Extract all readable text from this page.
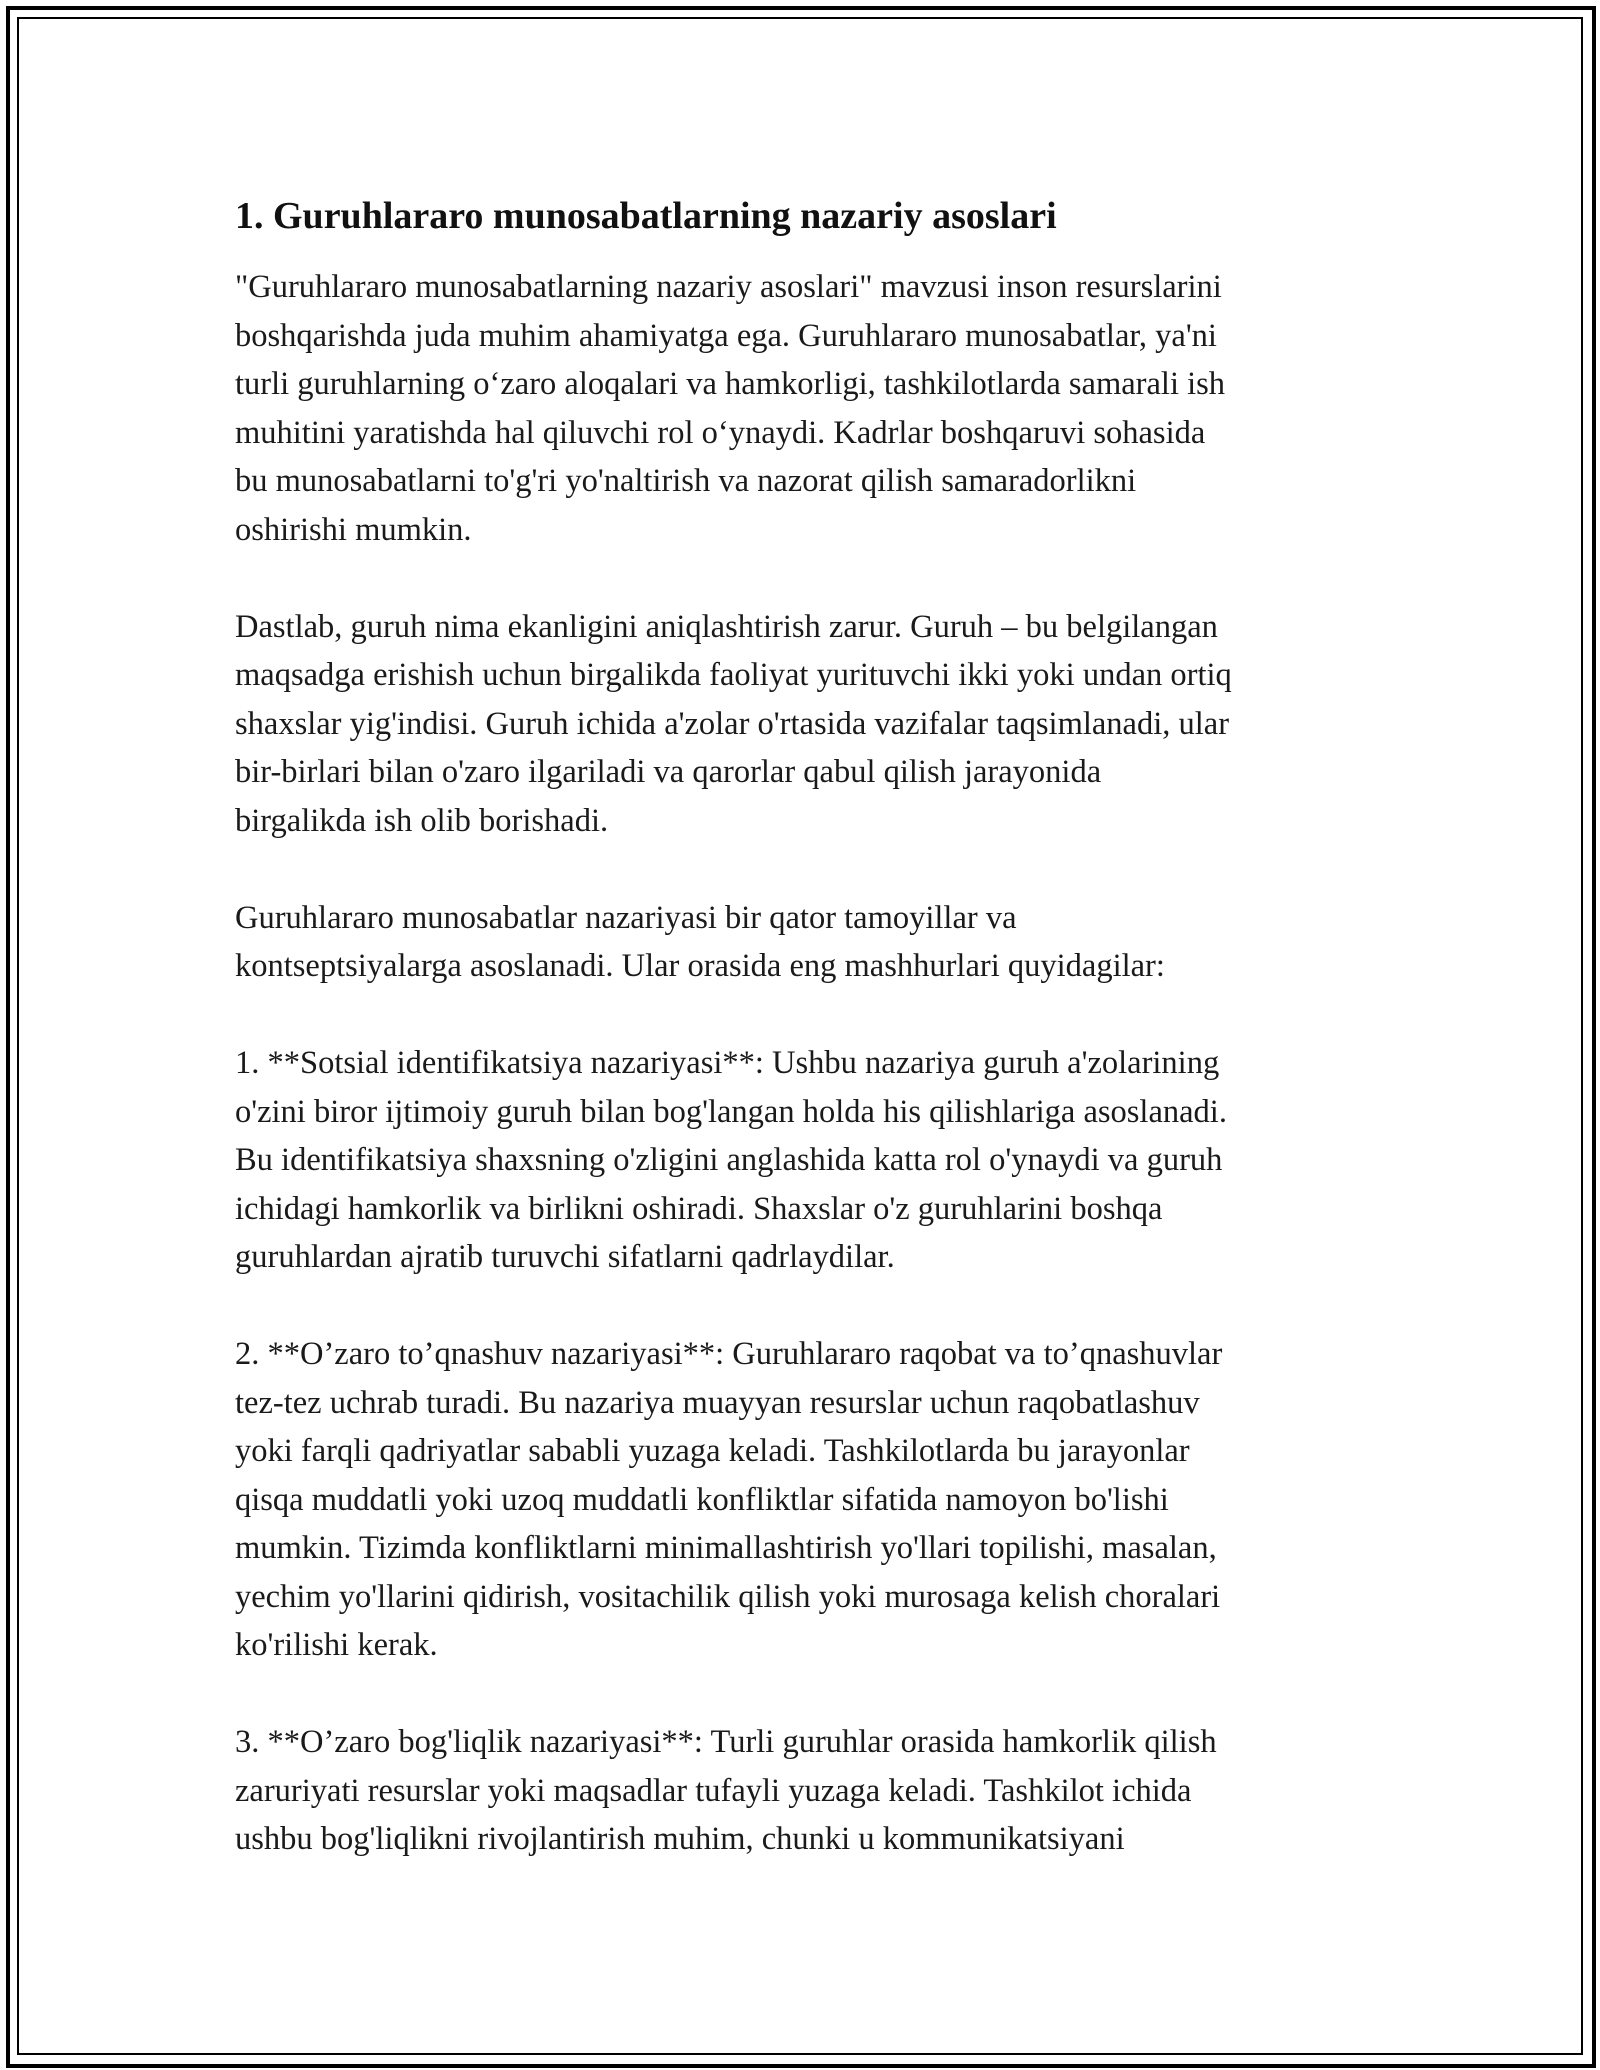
1. Guruhlararo munosabatlarning nazariy asoslari

"Guruhlararo munosabatlarning nazariy asoslari" mavzusi inson resurslarini
boshqarishda juda muhim ahamiyatga ega. Guruhlararo munosabatlar, ya'ni
turli guruhlarning o‘zaro aloqalari va hamkorligi, tashkilotlarda samarali ish
muhitini yaratishda hal qiluvchi rol o‘ynaydi. Kadrlar boshqaruvi sohasida
bu munosabatlarni to'g'ri yo'naltirish va nazorat qilish samaradorlikni
oshirishi mumkin.

Dastlab, guruh nima ekanligini aniqlashtirish zarur. Guruh – bu belgilangan
maqsadga erishish uchun birgalikda faoliyat yurituvchi ikki yoki undan ortiq
shaxslar yig'indisi. Guruh ichida a'zolar o'rtasida vazifalar taqsimlanadi, ular
bir-birlari bilan o'zaro ilgariladi va qarorlar qabul qilish jarayonida
birgalikda ish olib borishadi.

Guruhlararo munosabatlar nazariyasi bir qator tamoyillar va
kontseptsiyalarga asoslanadi. Ular orasida eng mashhurlari quyidagilar:

1. **Sotsial identifikatsiya nazariyasi**: Ushbu nazariya guruh a'zolarining
o'zini biror ijtimoiy guruh bilan bog'langan holda his qilishlariga asoslanadi.
Bu identifikatsiya shaxsning o'zligini anglashida katta rol o'ynaydi va guruh
ichidagi hamkorlik va birlikni oshiradi. Shaxslar o'z guruhlarini boshqa
guruhlardan ajratib turuvchi sifatlarni qadrlaydilar.

2. **O’zaro to’qnashuv nazariyasi**: Guruhlararo raqobat va to’qnashuvlar
tez-tez uchrab turadi. Bu nazariya muayyan resurslar uchun raqobatlashuv
yoki farqli qadriyatlar sababli yuzaga keladi. Tashkilotlarda bu jarayonlar
qisqa muddatli yoki uzoq muddatli konfliktlar sifatida namoyon bo'lishi
mumkin. Tizimda konfliktlarni minimallashtirish yo'llari topilishi, masalan,
yechim yo'llarini qidirish, vositachilik qilish yoki murosaga kelish choralari
ko'rilishi kerak.

3. **O’zaro bog'liqlik nazariyasi**: Turli guruhlar orasida hamkorlik qilish
zaruriyati resurslar yoki maqsadlar tufayli yuzaga keladi. Tashkilot ichida
ushbu bog'liqlikni rivojlantirish muhim, chunki u kommunikatsiyani
